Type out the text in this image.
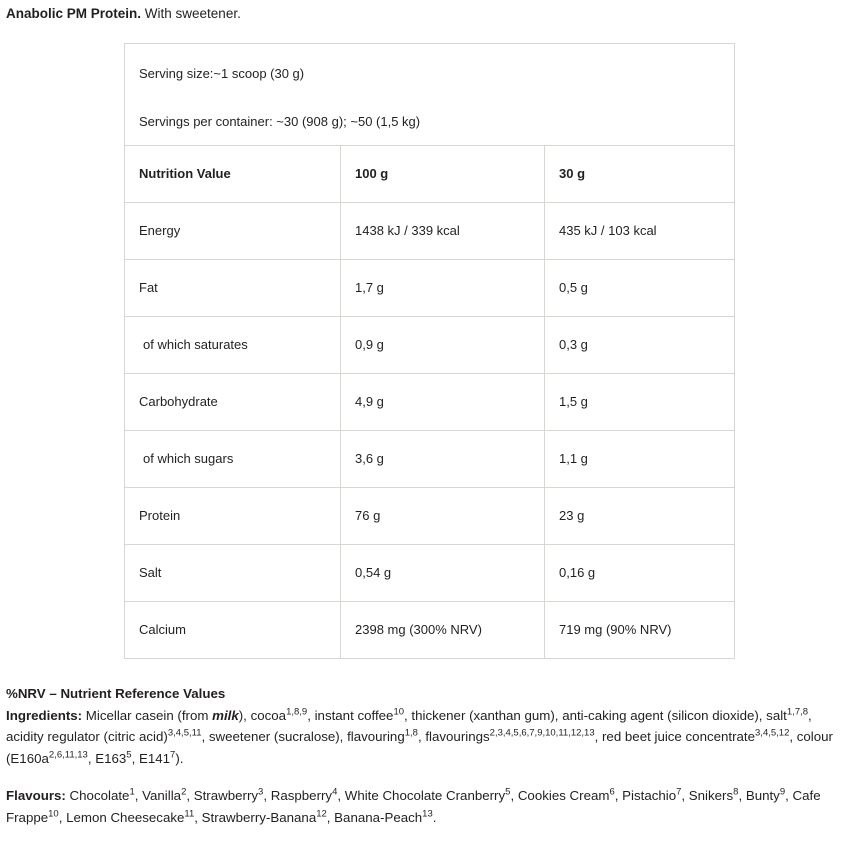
Anabolic PM Protein. With sweetener.
Serving size:~1 scoop (30 g)
Servings per container: ~30 (908 g); ~50 (1,5 kg)		

Nutrition Value	100 g	30 g
Energy	1438 kJ / 339 kcal	435 kJ / 103 kcal
Fat	1,7 g	0,5 g
of which saturates	0,9 g	0,3 g
Carbohydrate	4,9 g	1,5 g
of which sugars	3,6 g	1,1 g
Protein	76 g	23 g
Salt	0,54 g	0,16 g
Calcium	2398 mg (300% NRV)	719 mg (90% NRV)

%NRV – Nutrient Reference Values

Ingredients: Micellar casein (from milk), cocoa$^{1,8,9}$, instant coffee$^{10}$, thickener (xanthan gum), anti-caking agent (silicon dioxide), salt$^{1,7,8}$, acidity regulator (citric acid)$^{3,4,5,11}$, sweetener (sucralose), flavouring$^{1,8}$, flavourings$^{2,3,4,5,6,7,9,10,11,12,13}$, red beet juice concentrate$^{3,4,5,12}$, colour ($E160a^{2,6,11,13}$, $E163^5$, $E141^7$).
Flavours: Chocolate$^1$, Vanilla$^2$, Strawberry$^3$, Raspberry$^4$, White Chocolate Cranberry$^5$, Cookies Cream$^6$, Pistachio$^7$, Snikers$^8$, Bunty$^9$, Cafe Frappe$^{10}$, Lemon Cheesecake$^{11}$, Strawberry-Banana$^{12}$, Banana-Peach$^{13}$.
